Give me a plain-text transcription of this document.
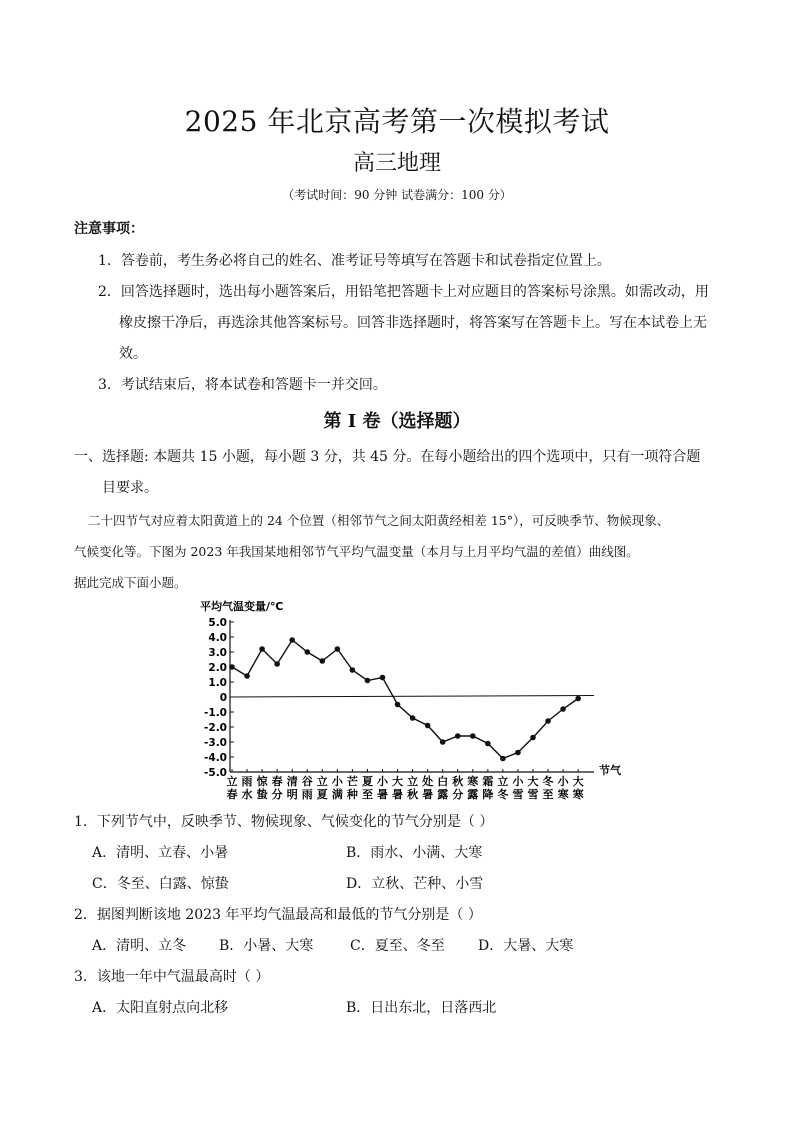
2025 年北京高考第一次模拟考试
高三地理
（考试时间：90 分钟 试卷满分：100 分）
注意事项：
1．答卷前，考生务必将自己的姓名、准考证号等填写在答题卡和试卷指定位置上。
2．回答选择题时，选出每小题答案后，用铅笔把答题卡上对应题目的答案标号涂黑。如需改动，用
橡皮擦干净后，再选涂其他答案标号。回答非选择题时，将答案写在答题卡上。写在本试卷上无
效。
3．考试结束后，将本试卷和答题卡一并交回。
第 I 卷（选择题）
一、选择题: 本题共 15 小题，每小题 3 分，共 45 分。在每小题给出的四个选项中，只有一项符合题
目要求。
二十四节气对应着太阳黄道上的 24 个位置（相邻节气之间太阳黄经相差 15°），可反映季节、物候现象、
气候变化等。下图为 2023 年我国某地相邻节气平均气温变量（本月与上月平均气温的差值）曲线图。
据此完成下面小题。
平均气温变量/℃
5.0
4.0
3.0
2.0
1.0
0
-1.0
-2.0
-3.0
-4.0
-5.0
立春
雨水
惊蛰
春分
清明
谷雨
立夏
小满
芒种
夏至
小暑
大暑
立秋
处暑
白露
秋分
寒露
霜降
立冬
小雪
大雪
冬至
小寒
大寒
节气
1．下列节气中，反映季节、物候现象、气候变化的节气分别是（ ）
A．清明、立春、小暑	B．雨水、小满、大寒
C．冬至、白露、惊蛰	D．立秋、芒种、小雪
2．据图判断该地 2023 年平均气温最高和最低的节气分别是（ ）
A．清明、立冬 B．小暑、大寒	C．夏至、冬至 D．大暑、大寒
3．该地一年中气温最高时（ ）
A．太阳直射点向北移	B．日出东北，日落西北
